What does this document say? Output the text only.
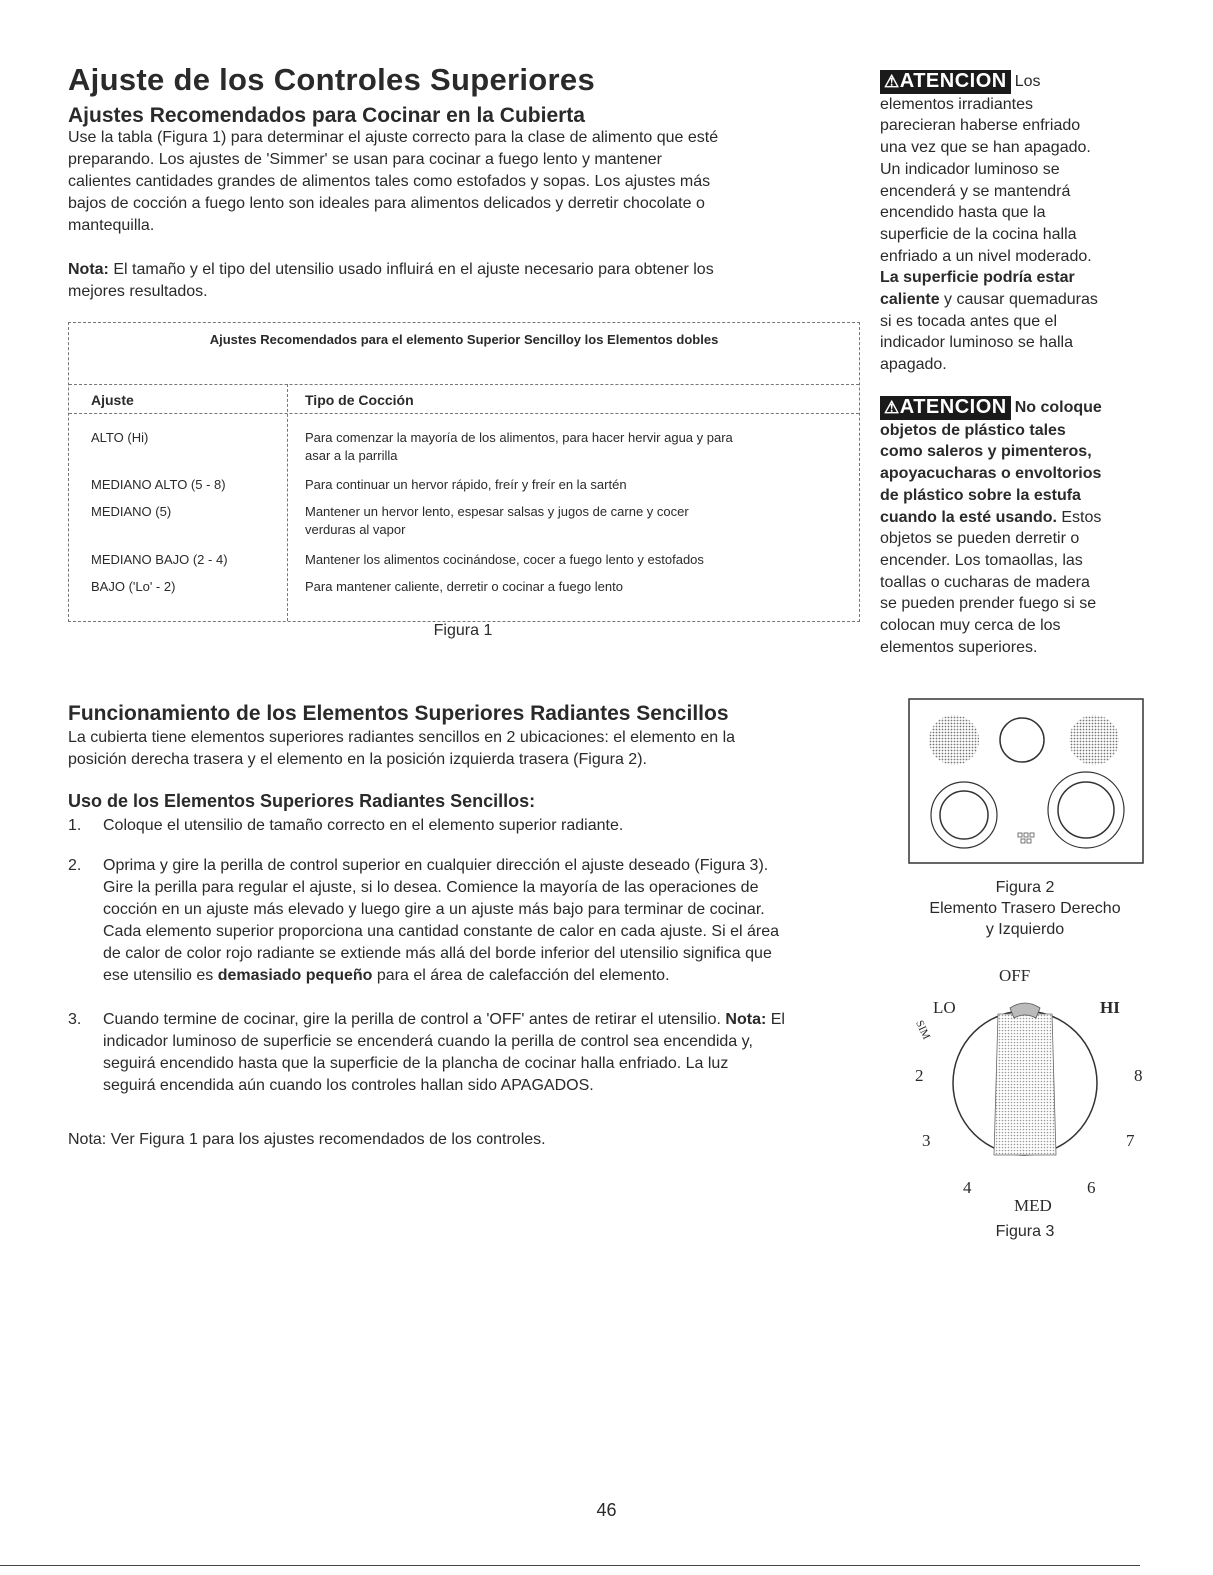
Ajuste de los Controles Superiores
Ajustes Recomendados para Cocinar en la Cubierta
Use la tabla (Figura 1) para determinar el ajuste correcto para la clase de alimento que esté
preparando. Los ajustes de 'Simmer' se usan para cocinar a fuego lento y mantener
calientes cantidades grandes de alimentos tales como estofados y sopas. Los ajustes más
bajos de cocción a fuego lento son ideales para alimentos delicados y derretir chocolate o
mantequilla.
Nota: El tamaño y el tipo del utensilio usado influirá en el ajuste necesario para obtener los
mejores resultados.
Ajustes Recomendados para el elemento Superior Sencilloy los Elementos dobles
Ajuste	Tipo de Cocción
ALTO (Hi)	Para comenzar la mayoría de los alimentos, para hacer hervir agua y para
asar a la parrilla
MEDIANO ALTO (5 - 8)	Para continuar un hervor rápido, freír y freír en la sartén
MEDIANO (5)	Mantener un hervor lento, espesar salsas y jugos de carne y cocer
verduras al vapor
MEDIANO BAJO (2 - 4)	Mantener los alimentos cocinándose, cocer a fuego lento y estofados
BAJO ('Lo' - 2)	Para mantener caliente, derretir o cocinar a fuego lento
Figura 1
⚠ATENCION Los
elementos irradiantes
parecieran haberse enfriado
una vez que se han apagado.
Un indicador luminoso se
encenderá y se mantendrá
encendido hasta que la
superficie de la cocina halla
enfriado a un nivel moderado.
La superficie podría estar
caliente y causar quemaduras
si es tocada antes que el
indicador luminoso se halla
apagado.
⚠ATENCION No coloque
objetos de plástico tales
como saleros y pimenteros,
apoyacucharas o envoltorios
de plástico sobre la estufa
cuando la esté usando. Estos
objetos se pueden derretir o
encender. Los tomaollas, las
toallas o cucharas de madera
se pueden prender fuego si se
colocan muy cerca de los
elementos superiores.
Funcionamiento de los Elementos Superiores Radiantes Sencillos
La cubierta tiene elementos superiores radiantes sencillos en 2 ubicaciones: el elemento en la
posición derecha trasera y el elemento en la posición izquierda trasera (Figura 2).
Uso de los Elementos Superiores Radiantes Sencillos:
1. Coloque el utensilio de tamaño correcto en el elemento superior radiante.
2. Oprima y gire la perilla de control superior en cualquier dirección el ajuste deseado (Figura 3).
Gire la perilla para regular el ajuste, si lo desea. Comience la mayoría de las operaciones de
cocción en un ajuste más elevado y luego gire a un ajuste más bajo para terminar de cocinar.
Cada elemento superior proporciona una cantidad constante de calor en cada ajuste. Si el área
de calor de color rojo radiante se extiende más allá del borde inferior del utensilio significa que
ese utensilio es demasiado pequeño para el área de calefacción del elemento.
3. Cuando termine de cocinar, gire la perilla de control a 'OFF' antes de retirar el utensilio. Nota: El
indicador luminoso de superficie se encenderá cuando la perilla de control sea encendida y,
seguirá encendido hasta que la superficie de la plancha de cocinar halla enfriado. La luz
seguirá encendida aún cuando los controles hallan sido APAGADOS.
Nota: Ver Figura 1 para los ajustes recomendados de los controles.
Figura 2
Elemento Trasero Derecho
y Izquierdo
OFF
LO	HI
SIM
2	8
3	7
4	6
MED
Figura 3
46
